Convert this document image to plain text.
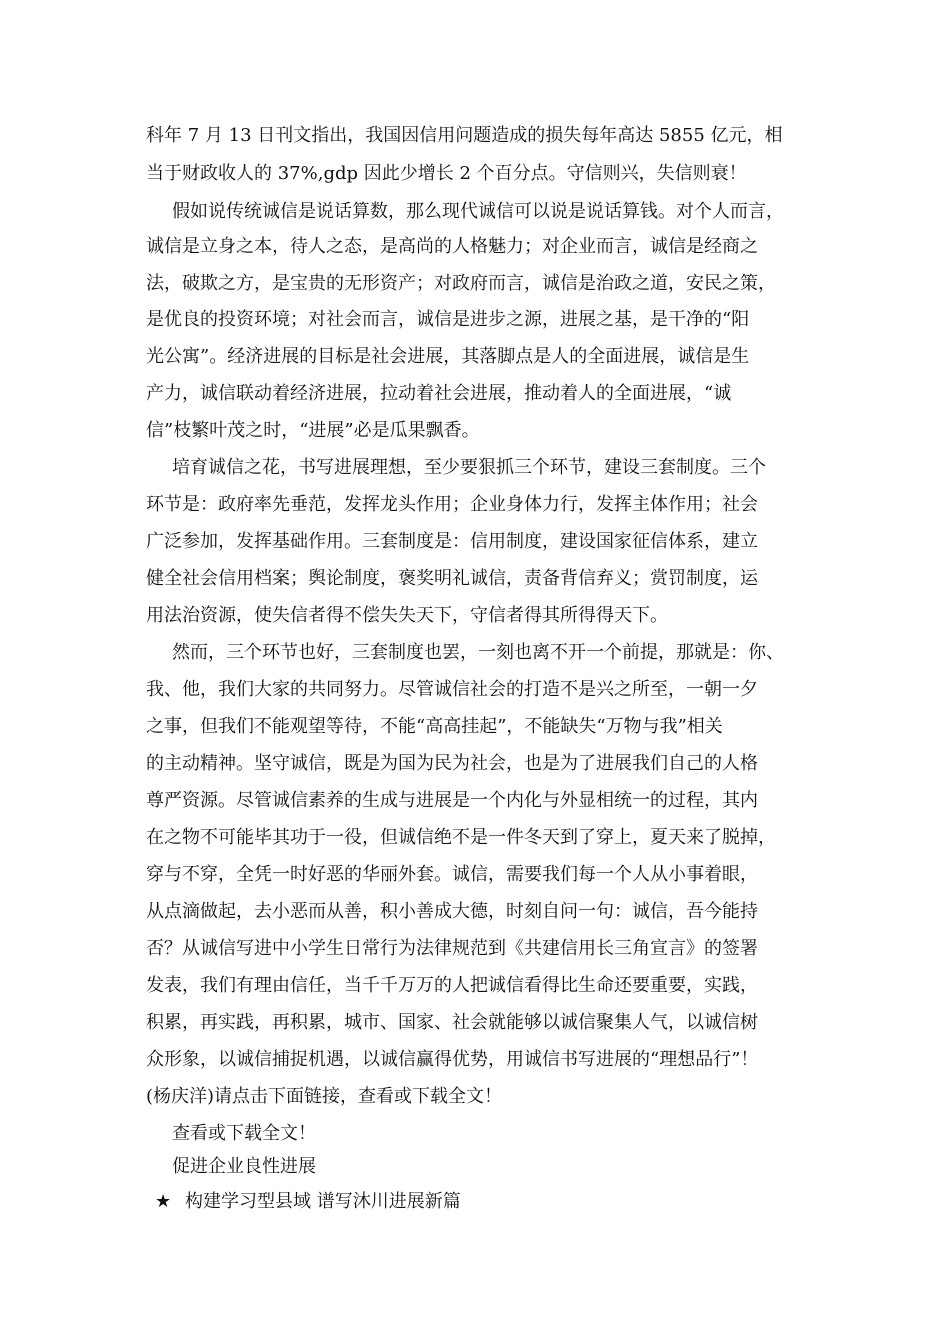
科年 7 月 13 日刊文指出，我国因信用问题造成的损失每年高达 5855 亿元，相
当于财政收人的 37%,gdp 因此少增长 2 个百分点。守信则兴，失信则衰！
假如说传统诚信是说话算数，那么现代诚信可以说是说话算钱。对个人而言，
诚信是立身之本，待人之态，是高尚的人格魅力；对企业而言，诚信是经商之
法，破欺之方，是宝贵的无形资产；对政府而言，诚信是治政之道，安民之策，
是优良的投资环境；对社会而言，诚信是进步之源，进展之基，是干净的“阳
光公寓”。经济进展的目标是社会进展，其落脚点是人的全面进展，诚信是生
产力，诚信联动着经济进展，拉动着社会进展，推动着人的全面进展，“诚
信”枝繁叶茂之时，“进展”必是瓜果飘香。
培育诚信之花，书写进展理想，至少要狠抓三个环节，建设三套制度。三个
环节是：政府率先垂范，发挥龙头作用；企业身体力行，发挥主体作用；社会
广泛参加，发挥基础作用。三套制度是：信用制度，建设国家征信体系，建立
健全社会信用档案；舆论制度，褒奖明礼诚信，责备背信弃义；赏罚制度，运
用法治资源，使失信者得不偿失失天下，守信者得其所得得天下。
然而，三个环节也好，三套制度也罢，一刻也离不开一个前提，那就是：你、
我、他，我们大家的共同努力。尽管诚信社会的打造不是兴之所至，一朝一夕
之事，但我们不能观望等待，不能“高高挂起”，不能缺失“万物与我”相关
的主动精神。坚守诚信，既是为国为民为社会，也是为了进展我们自己的人格
尊严资源。尽管诚信素养的生成与进展是一个内化与外显相统一的过程，其内
在之物不可能毕其功于一役，但诚信绝不是一件冬天到了穿上，夏天来了脱掉，
穿与不穿，全凭一时好恶的华丽外套。诚信，需要我们每一个人从小事着眼，
从点滴做起，去小恶而从善，积小善成大德，时刻自问一句：诚信，吾今能持
否？从诚信写进中小学生日常行为法律规范到《共建信用长三角宣言》的签署
发表，我们有理由信任，当千千万万的人把诚信看得比生命还要重要，实践，
积累，再实践，再积累，城市、国家、社会就能够以诚信聚集人气，以诚信树
众形象，以诚信捕捉机遇，以诚信赢得优势，用诚信书写进展的“理想品行”！
(杨庆洋)请点击下面链接，查看或下载全文！
查看或下载全文！
促进企业良性进展
★ 构建学习型县域 谱写沐川进展新篇
